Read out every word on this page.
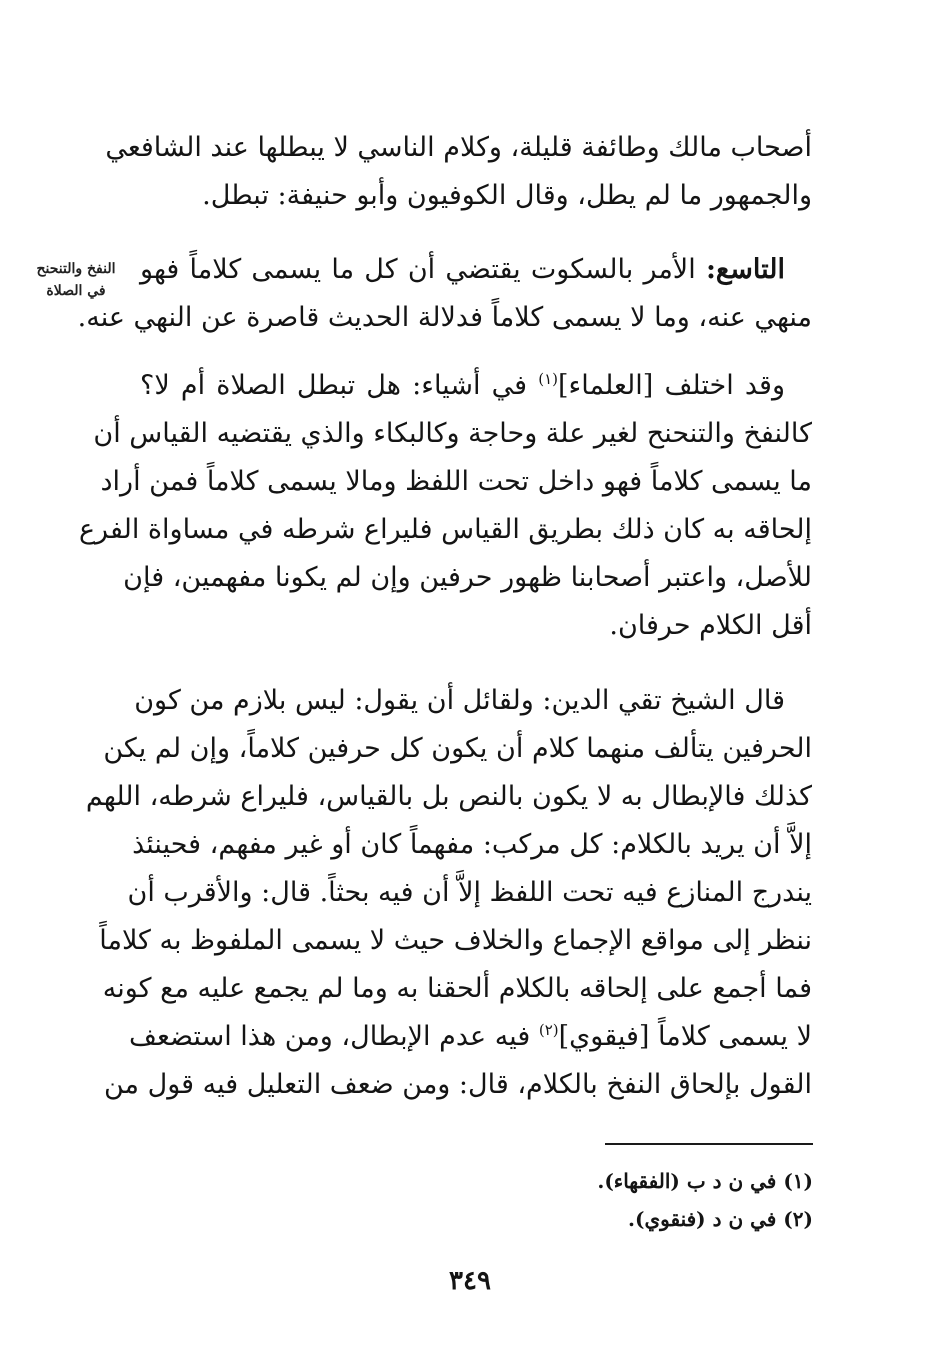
النفخ والتنحنح
في الصلاة
أصحاب مالك وطائفة قليلة، وكلام الناسي لا يبطلها عند الشافعي
والجمهور ما لم يطل، وقال الكوفيون وأبو حنيفة: تبطل.
 التاسع: الأمر بالسكوت يقتضي أن كل ما يسمى كلاماً فهو
منهي عنه، وما لا يسمى كلاماً فدلالة الحديث قاصرة عن النهي عنه.
 وقد اختلف [العلماء]$^{(١)}$ في أشياء: هل تبطل الصلاة أم لا؟
كالنفخ والتنحنح لغير علة وحاجة وكالبكاء والذي يقتضيه القياس أن
ما يسمى كلاماً فهو داخل تحت اللفظ ومالا يسمى كلاماً فمن أراد
إلحاقه به كان ذلك بطريق القياس فليراع شرطه في مساواة الفرع
للأصل، واعتبر أصحابنا ظهور حرفين وإن لم يكونا مفهمين، فإن
أقل الكلام حرفان.
 قال الشيخ تقي الدين: ولقائل أن يقول: ليس بلازم من كون
الحرفين يتألف منهما كلام أن يكون كل حرفين كلاماً، وإن لم يكن
كذلك فالإبطال به لا يكون بالنص بل بالقياس، فليراع شرطه، اللهم
إلاَّ أن يريد بالكلام: كل مركب: مفهماً كان أو غير مفهم، فحينئذ
يندرج المنازع فيه تحت اللفظ إلاَّ أن فيه بحثاً. قال: والأقرب أن
ننظر إلى مواقع الإجماع والخلاف حيث لا يسمى الملفوظ به كلاماً
فما أجمع على إلحاقه بالكلام ألحقنا به وما لم يجمع عليه مع كونه
لا يسمى كلاماً [فيقوي]$^{(٢)}$ فيه عدم الإبطال، ومن هذا استضعف
القول بإلحاق النفخ بالكلام، قال: ومن ضعف التعليل فيه قول من
(١) في ن د ب (الفقهاء).
(٢) في ن د (فنقوي).
٣٤٩
